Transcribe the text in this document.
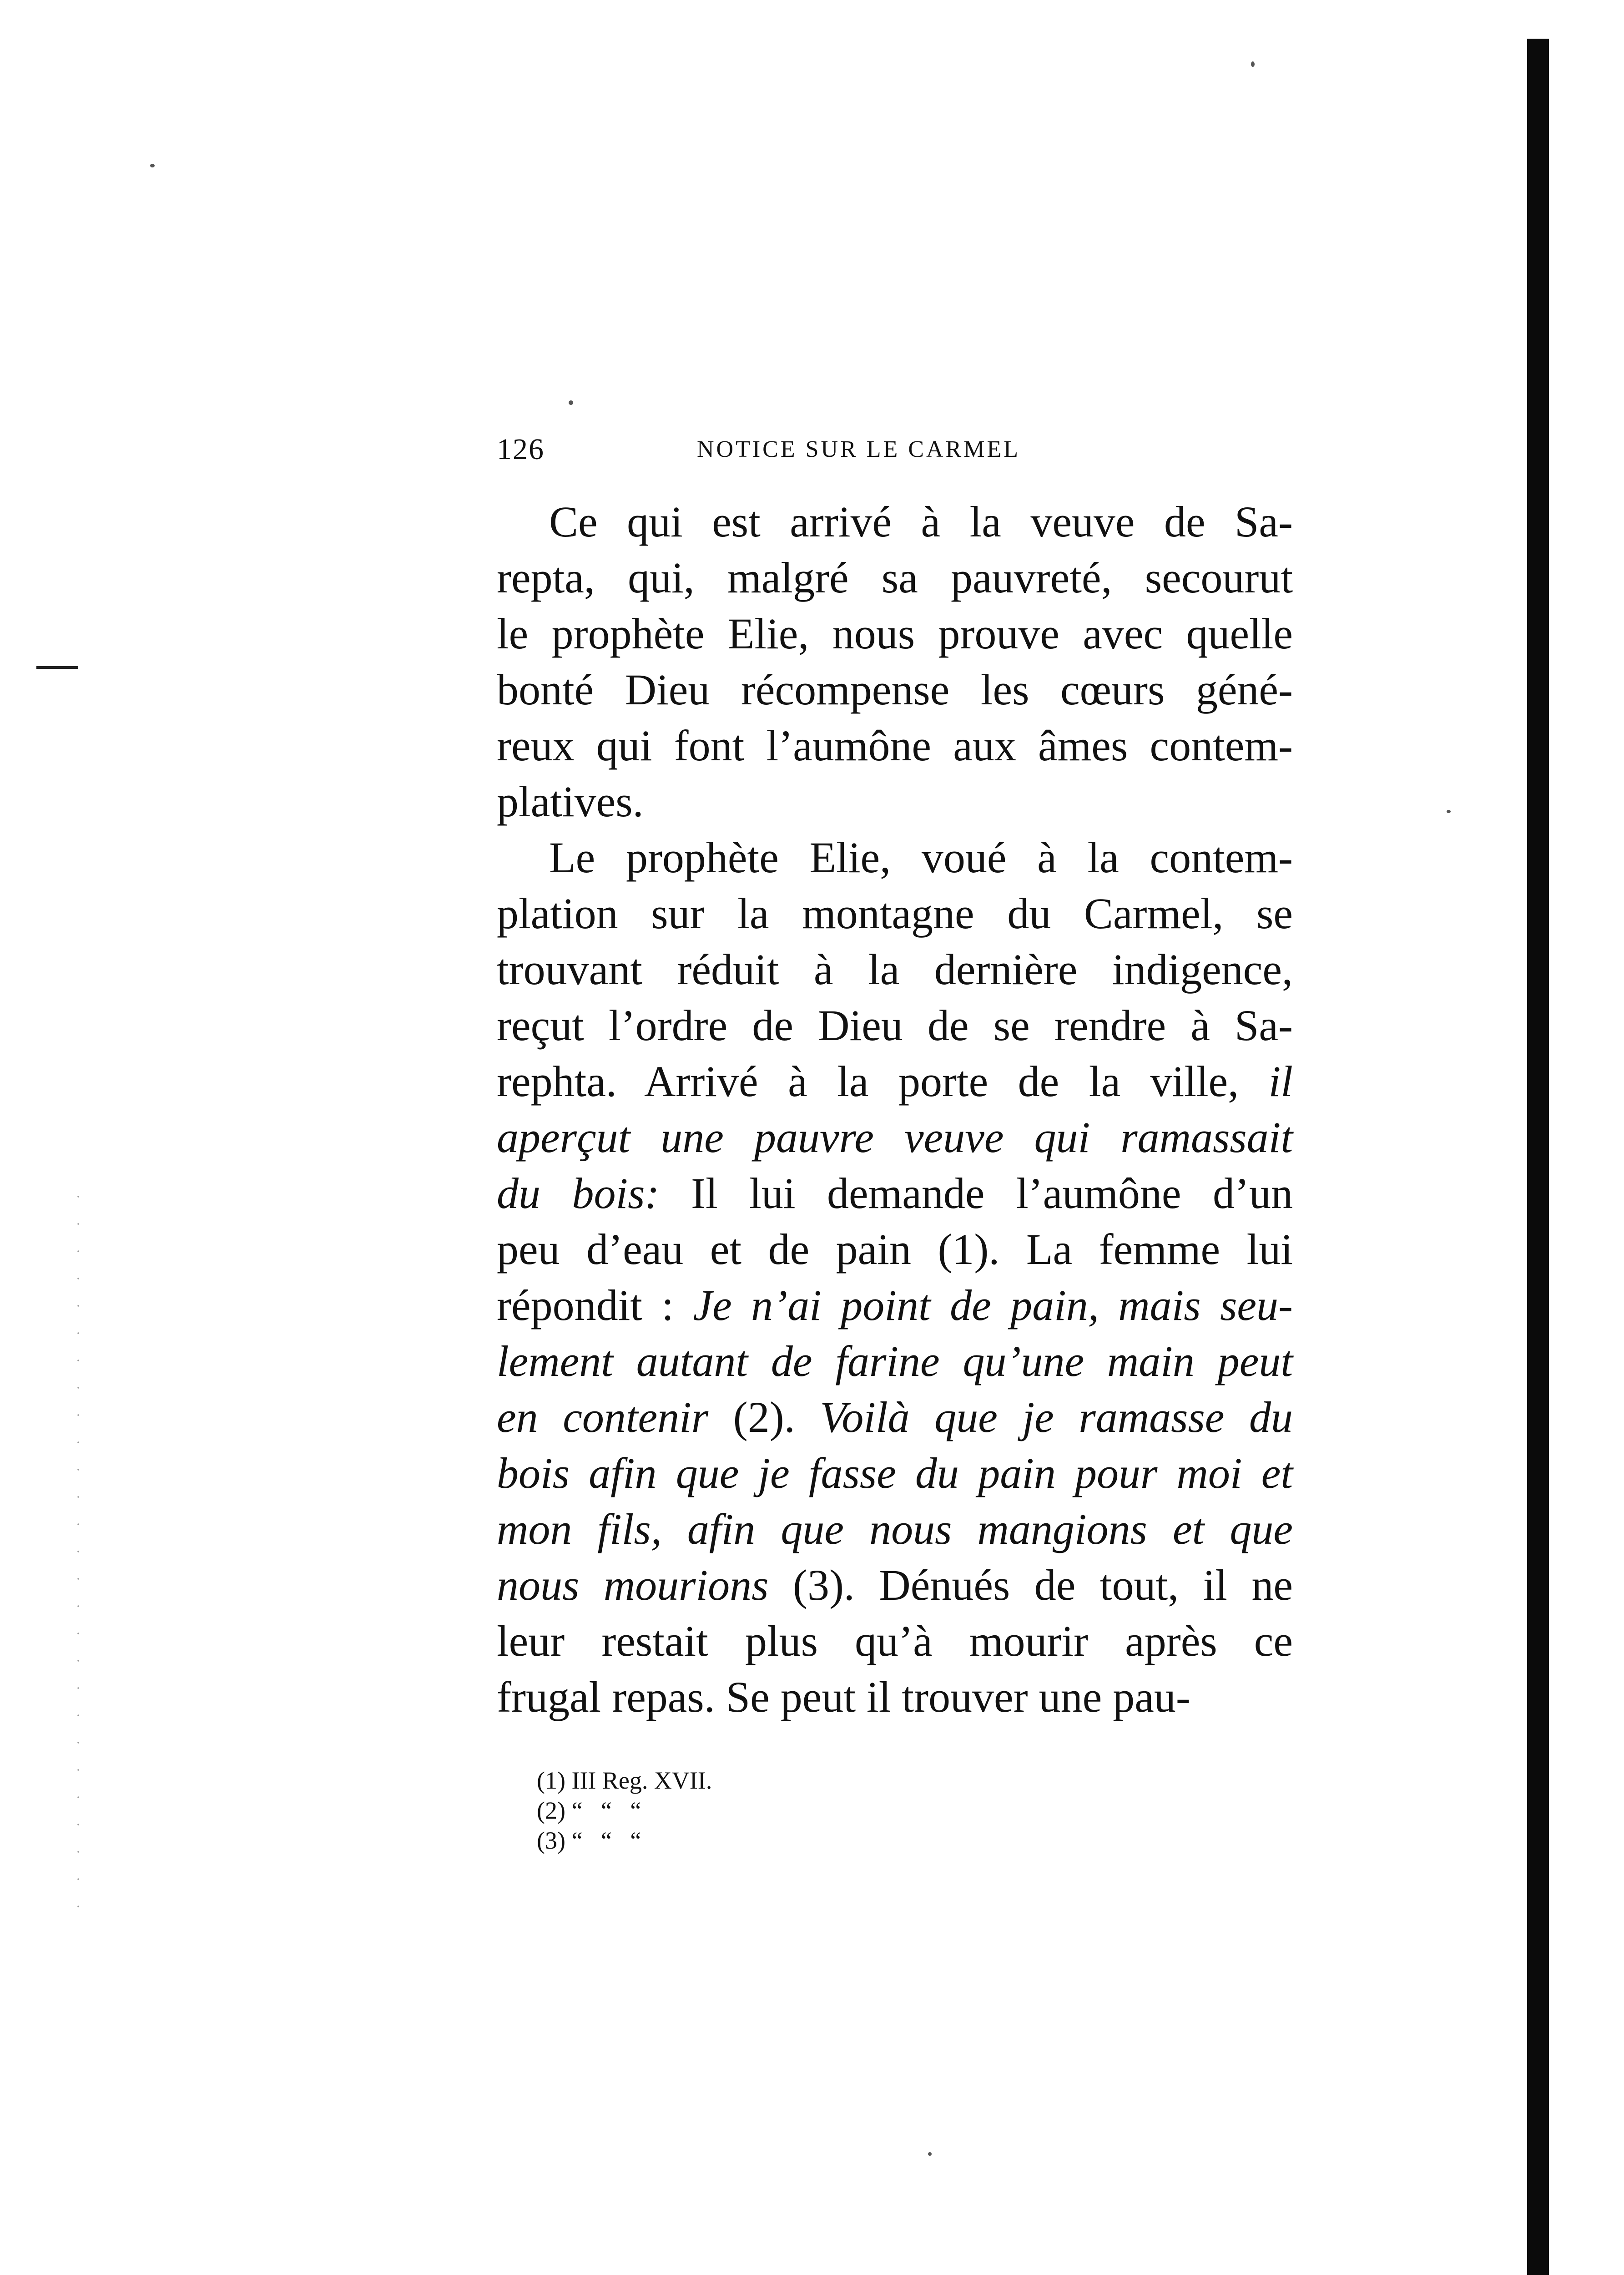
126	NOTICE SUR LE CARMEL
Ce qui est arrivé à la veuve de Sa-
repta, qui, malgré sa pauvreté, secourut
le prophète Elie, nous prouve avec quelle
bonté Dieu récompense les cœurs géné-
reux qui font l’aumône aux âmes contem-
platives.
Le prophète Elie, voué à la contem-
plation sur la montagne du Carmel, se
trouvant réduit à la dernière indigence,
reçut l’ordre de Dieu de se rendre à Sa-
rephta. Arrivé à la porte de la ville, il
aperçut une pauvre veuve qui ramassait
du bois: Il lui demande l’aumône d’un
peu d’eau et de pain (1). La femme lui
répondit : Je n’ai point de pain, mais seu-
lement autant de farine qu’une main peut
en contenir (2). Voilà que je ramasse du
bois afin que je fasse du pain pour moi et
mon fils, afin que nous mangions et que
nous mourions (3). Dénués de tout, il ne
leur restait plus qu’à mourir après ce
frugal repas. Se peut il trouver une pau-
(1) III Reg. XVII.
(2) “   “   “
(3) “   “   “
